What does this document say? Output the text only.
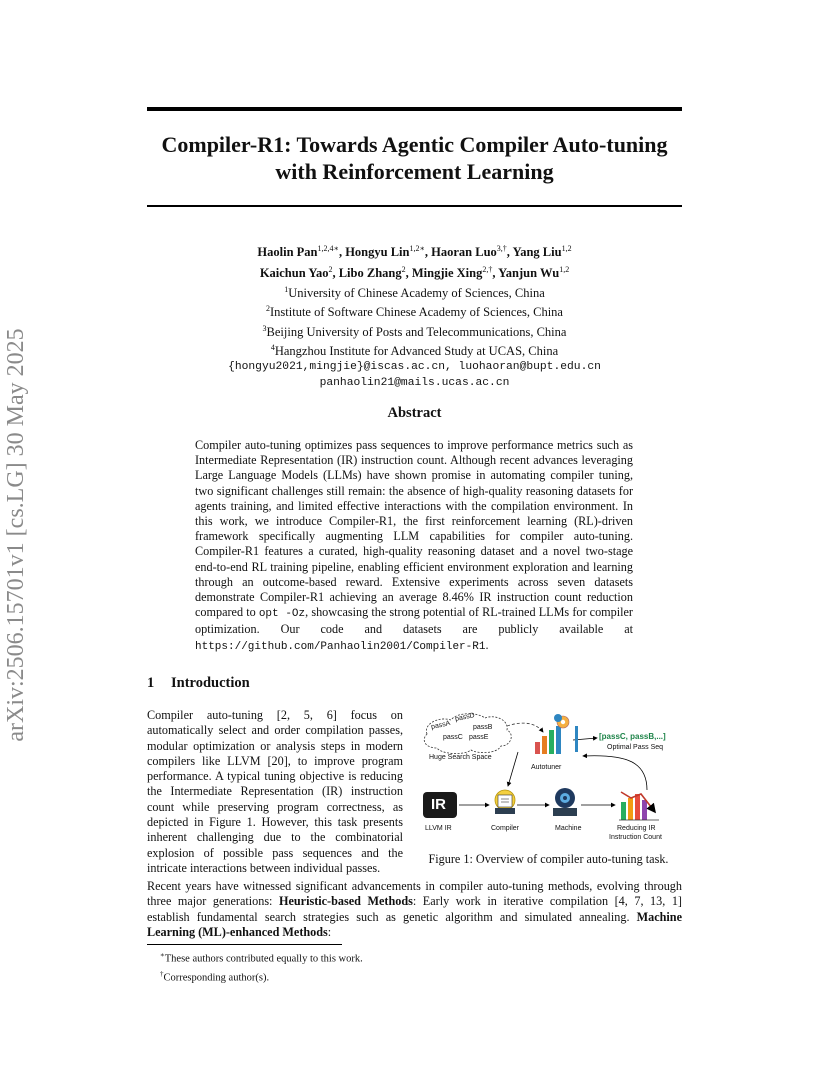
arXiv:2506.15701v1 [cs.LG] 30 May 2025
Compiler-R1: Towards Agentic Compiler Auto-tuning
with Reinforcement Learning
Haolin Pan$^{1,2,4∗}$, Hongyu Lin$^{1,2∗}$, Haoran Luo$^{3,\dagger}$, Yang Liu$^{1,2}$
Kaichun Yao$^2$, Libo Zhang$^2$, Mingjie Xing$^{2,\dagger}$, Yanjun Wu$^{1,2}$
$^1$University of Chinese Academy of Sciences, China
$^2$Institute of Software Chinese Academy of Sciences, China
$^3$Beijing University of Posts and Telecommunications, China
$^4$Hangzhou Institute for Advanced Study at UCAS, China
{hongyu2021,mingjie}@iscas.ac.cn, luohaoran@bupt.edu.cn
panhaolin21@mails.ucas.ac.cn
Abstract
Compiler auto-tuning optimizes pass sequences to improve performance metrics such as Intermediate Representation (IR) instruction count. Although recent advances leveraging Large Language Models (LLMs) have shown promise in automating compiler tuning, two significant challenges still remain: the absence of high-quality reasoning datasets for agents training, and limited effective interactions with the compilation environment. In this work, we introduce Compiler-R1, the first reinforcement learning (RL)-driven framework specifically augmenting LLM capabilities for compiler auto-tuning. Compiler-R1 features a curated, high-quality reasoning dataset and a novel two-stage end-to-end RL training pipeline, enabling efficient environment exploration and learning through an outcome-based reward. Extensive experiments across seven datasets demonstrate Compiler-R1 achieving an average 8.46% IR instruction count reduction compared to opt -Oz, showcasing the strong potential of RL-trained LLMs for compiler optimization. Our code and datasets are publicly available at https://github.com/Panhaolin2001/Compiler-R1.
1 Introduction
Compiler auto-tuning [2, 5, 6] focus on automatically select and order compilation passes, modular optimization or analysis steps in modern compilers like LLVM [20], to improve program performance. A typical tuning objective is reducing the Intermediate Representation (IR) instruction count while preserving program correctness, as depicted in Figure 1. However, this task presents inherent challenging due to the combinatorial explosion of possible pass sequences and the intricate interactions between individual passes.
passA
passD
passB
passC passE
Huge Search Space
[passC, passB,...]
Optimal Pass Seq
Autotuner
IR
LLVM IR	Compiler	Machine	Reducing IR
Instruction Count
Figure 1: Overview of compiler auto-tuning task.
Recent years have witnessed significant advancements in compiler auto-tuning methods, evolving through three major generations: Heuristic-based Methods: Early work in iterative compilation [4, 7, 13, 1] establish fundamental search strategies such as genetic algorithm and simulated annealing. Machine Learning (ML)-enhanced Methods:
∗These authors contributed equally to this work.
†Corresponding author(s).
